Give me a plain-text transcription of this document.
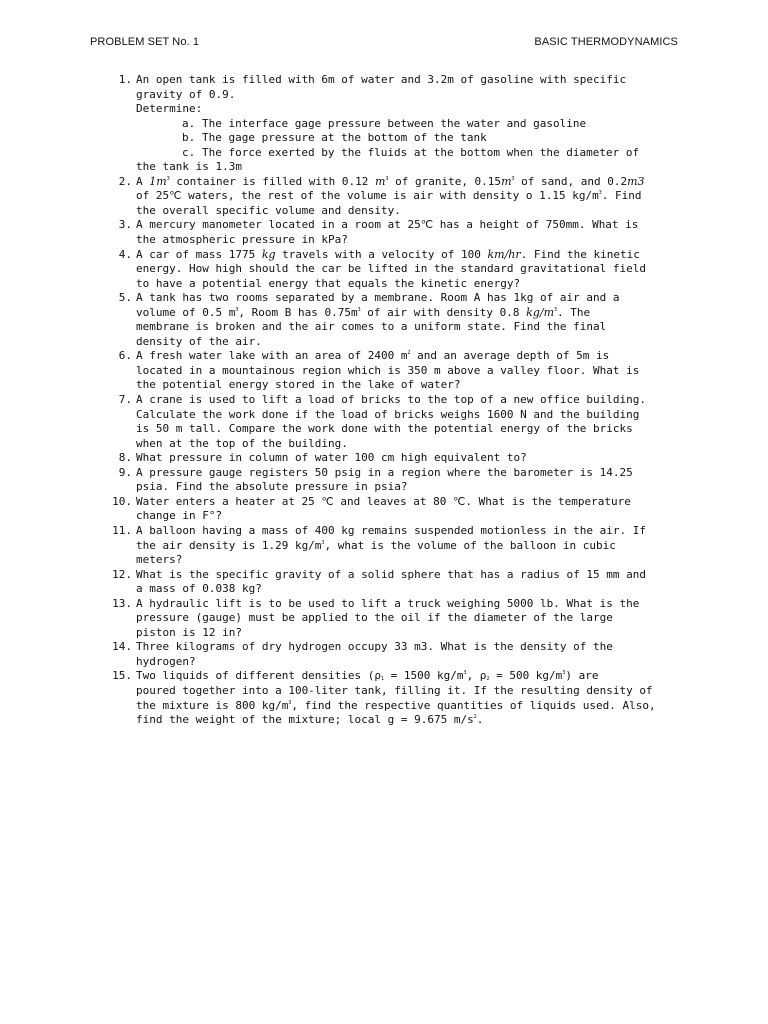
PROBLEM SET No. 1	BASIC THERMODYNAMICS
1. An open tank is filled with 6m of water and 3.2m of gasoline with specific
gravity of 0.9.
Determine:
a. The interface gage pressure between the water and gasoline
b. The gage pressure at the bottom of the tank
c. The force exerted by the fluids at the bottom when the diameter of
the tank is 1.3m
2. A $1m^3$ container is filled with 0.12 $m^3$ of granite, $0.15m^3$ of sand, and 0.2m3
of 25℃ waters, the rest of the volume is air with density o 1.15 $kg/m^3$. Find
the overall specific volume and density.
3. A mercury manometer located in a room at 25℃ has a height of 750mm. What is
the atmospheric pressure in kPa?
4. A car of mass 1775 kg travels with a velocity of 100 km/hr. Find the kinetic
energy. How high should the car be lifted in the standard gravitational field
to have a potential energy that equals the kinetic energy?
5. A tank has two rooms separated by a membrane. Room A has 1kg of air and a
volume of 0.5 $m^3$, Room B has $0.75m^3$ of air with density 0.8 $kg/m^3$. The
membrane is broken and the air comes to a uniform state. Find the final
density of the air.
6. A fresh water lake with an area of 2400 $m^2$ and an average depth of 5m is
located in a mountainous region which is 350 m above a valley floor. What is
the potential energy stored in the lake of water?
7. A crane is used to lift a load of bricks to the top of a new office building.
Calculate the work done if the load of bricks weighs 1600 N and the building
is 50 m tall. Compare the work done with the potential energy of the bricks
when at the top of the building.
8. What pressure in column of water 100 cm high equivalent to?
9. A pressure gauge registers 50 psig in a region where the barometer is 14.25
psia. Find the absolute pressure in psia?
10. Water enters a heater at 25 ℃ and leaves at 80 ℃. What is the temperature
change in F°?
11. A balloon having a mass of 400 kg remains suspended motionless in the air. If
the air density is 1.29 $kg/m^3$, what is the volume of the balloon in cubic
meters?
12. What is the specific gravity of a solid sphere that has a radius of 15 mm and
a mass of 0.038 kg?
13. A hydraulic lift is to be used to lift a truck weighing 5000 lb. What is the
pressure (gauge) must be applied to the oil if the diameter of the large
piston is 12 in?
14. Three kilograms of dry hydrogen occupy 33 m3. What is the density of the
hydrogen?
15. Two liquids of different densities ($\rho_1 = 1500$ $kg/m^3$, $\rho_2 = 500$ $kg/m^3$) are
poured together into a 100-liter tank, filling it. If the resulting density of
the mixture is 800 $kg/m^3$, find the respective quantities of liquids used. Also,
find the weight of the mixture; local g = 9.675 $m/s^2$.
